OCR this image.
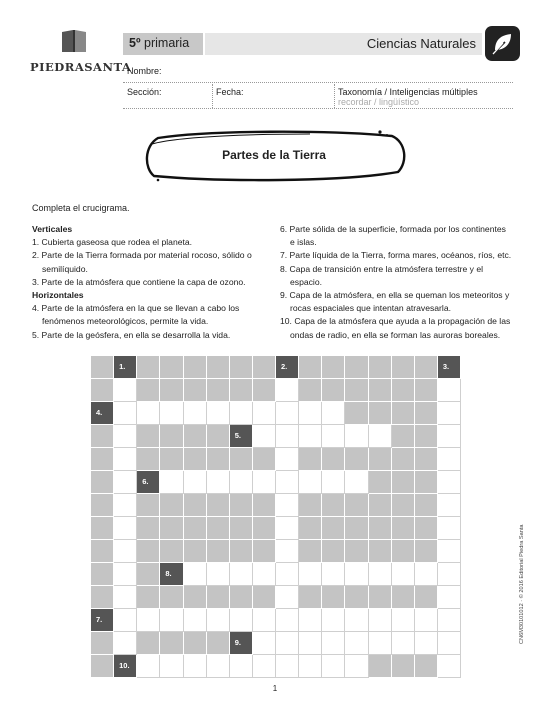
PIEDRASANTA
5º primaria	Ciencias Naturales
Nombre:
Sección:	Fecha:	Taxonomía / Inteligencias múltiples
recordar / lingüístico
Partes de la Tierra
Completa el crucigrama.
Verticales
1. Cubierta gaseosa que rodea el planeta.
2. Parte de la Tierra formada por material rocoso, sólido o
semilíquido.
3. Parte de la atmósfera que contiene la capa de ozono.
Horizontales
4. Parte de la atmósfera en la que se llevan a cabo los
fenómenos meteorológicos, permite la vida.
5. Parte de la geósfera, en ella se desarrolla la vida.
6. Parte sólida de la superficie, formada por los continentes
e islas.
7. Parte líquida de la Tierra, forma mares, océanos, ríos, etc.
8. Capa de transición entre la atmósfera terrestre y el
espacio.
9. Capa de la atmósfera, en ella se queman los meteoritos y
rocas espaciales que intentan atravesarla.
10. Capa de la atmósfera que ayuda a la propagación de las
ondas de radio, en ella se forman las auroras boreales.
1.	2.	3.
4.
5.
6.
8.
7.
9.
10.
1
CN6M30101012 · © 2016 Editorial Piedra Santa
